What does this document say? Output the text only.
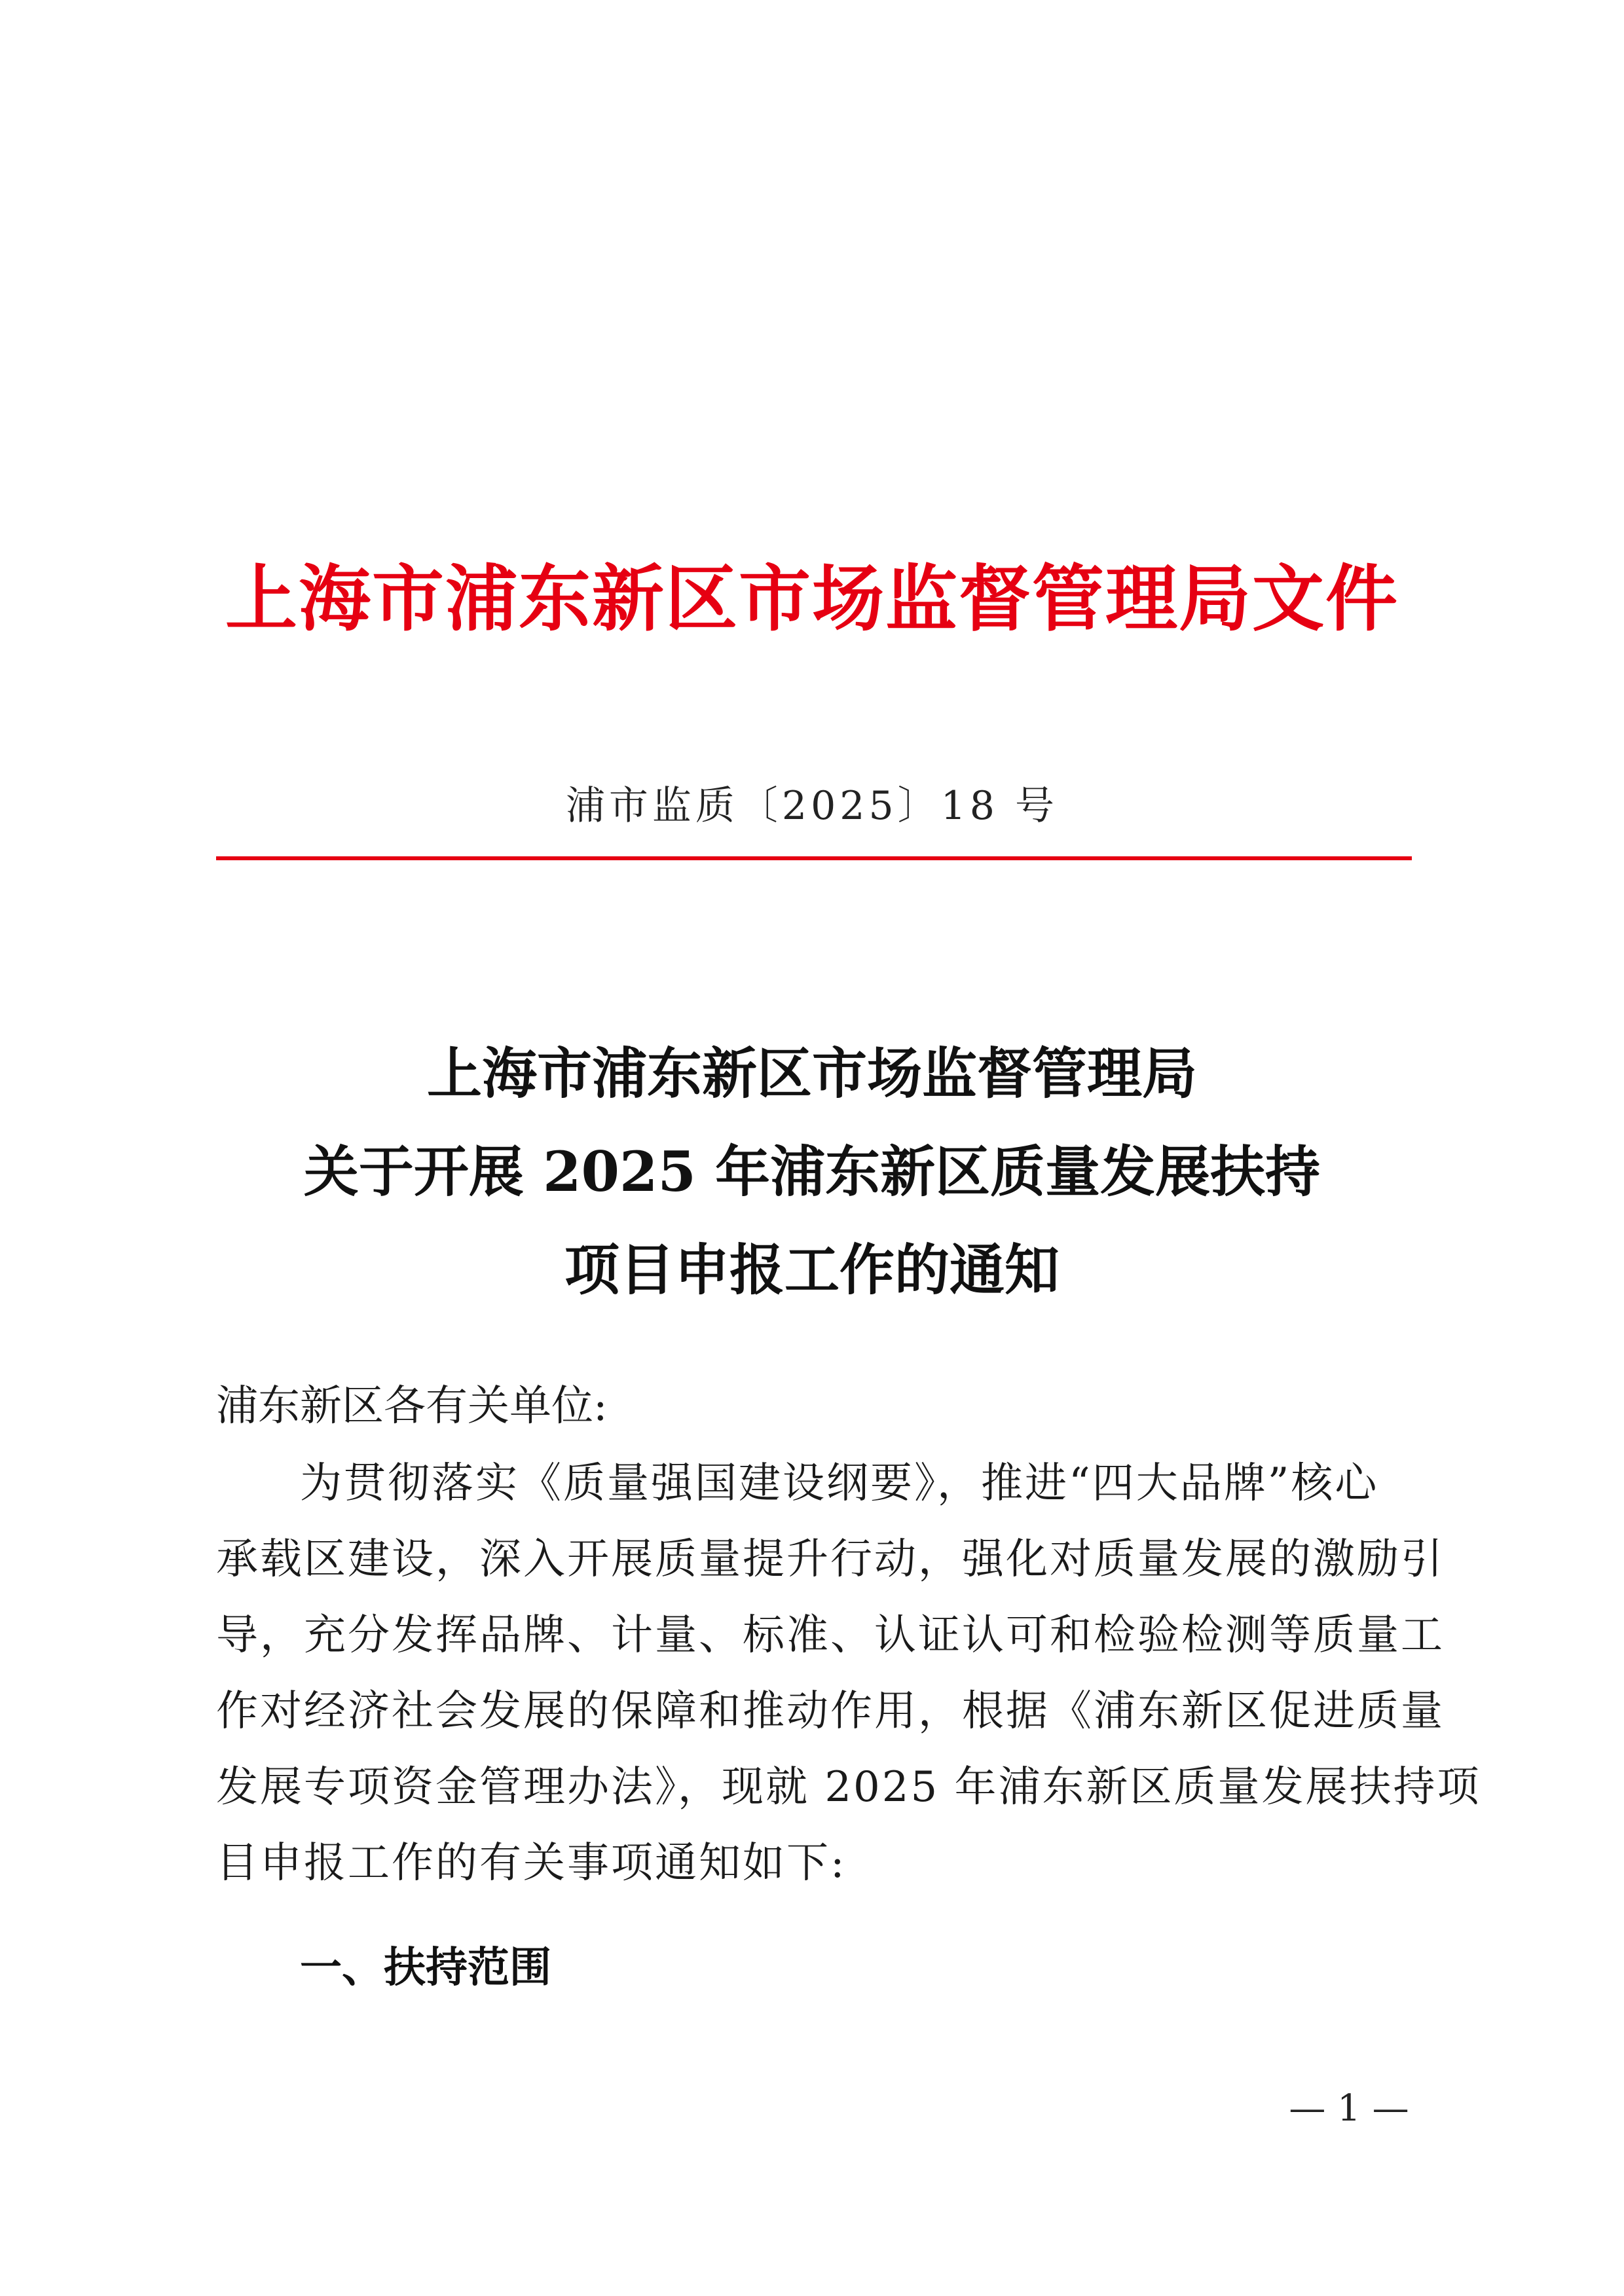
上海市浦东新区市场监督管理局文件
浦市监质〔2025〕18 号
上海市浦东新区市场监督管理局
关于开展 2025 年浦东新区质量发展扶持
项目申报工作的通知
浦东新区各有关单位:
为贯彻落实《质量强国建设纲要》，推进“四大品牌”核心
承载区建设，深入开展质量提升行动，强化对质量发展的激励引
导，充分发挥品牌、计量、标准、认证认可和检验检测等质量工
作对经济社会发展的保障和推动作用，根据《浦东新区促进质量
发展专项资金管理办法》，现就 2025 年浦东新区质量发展扶持项
目申报工作的有关事项通知如下:
一、扶持范围
— 1 —
